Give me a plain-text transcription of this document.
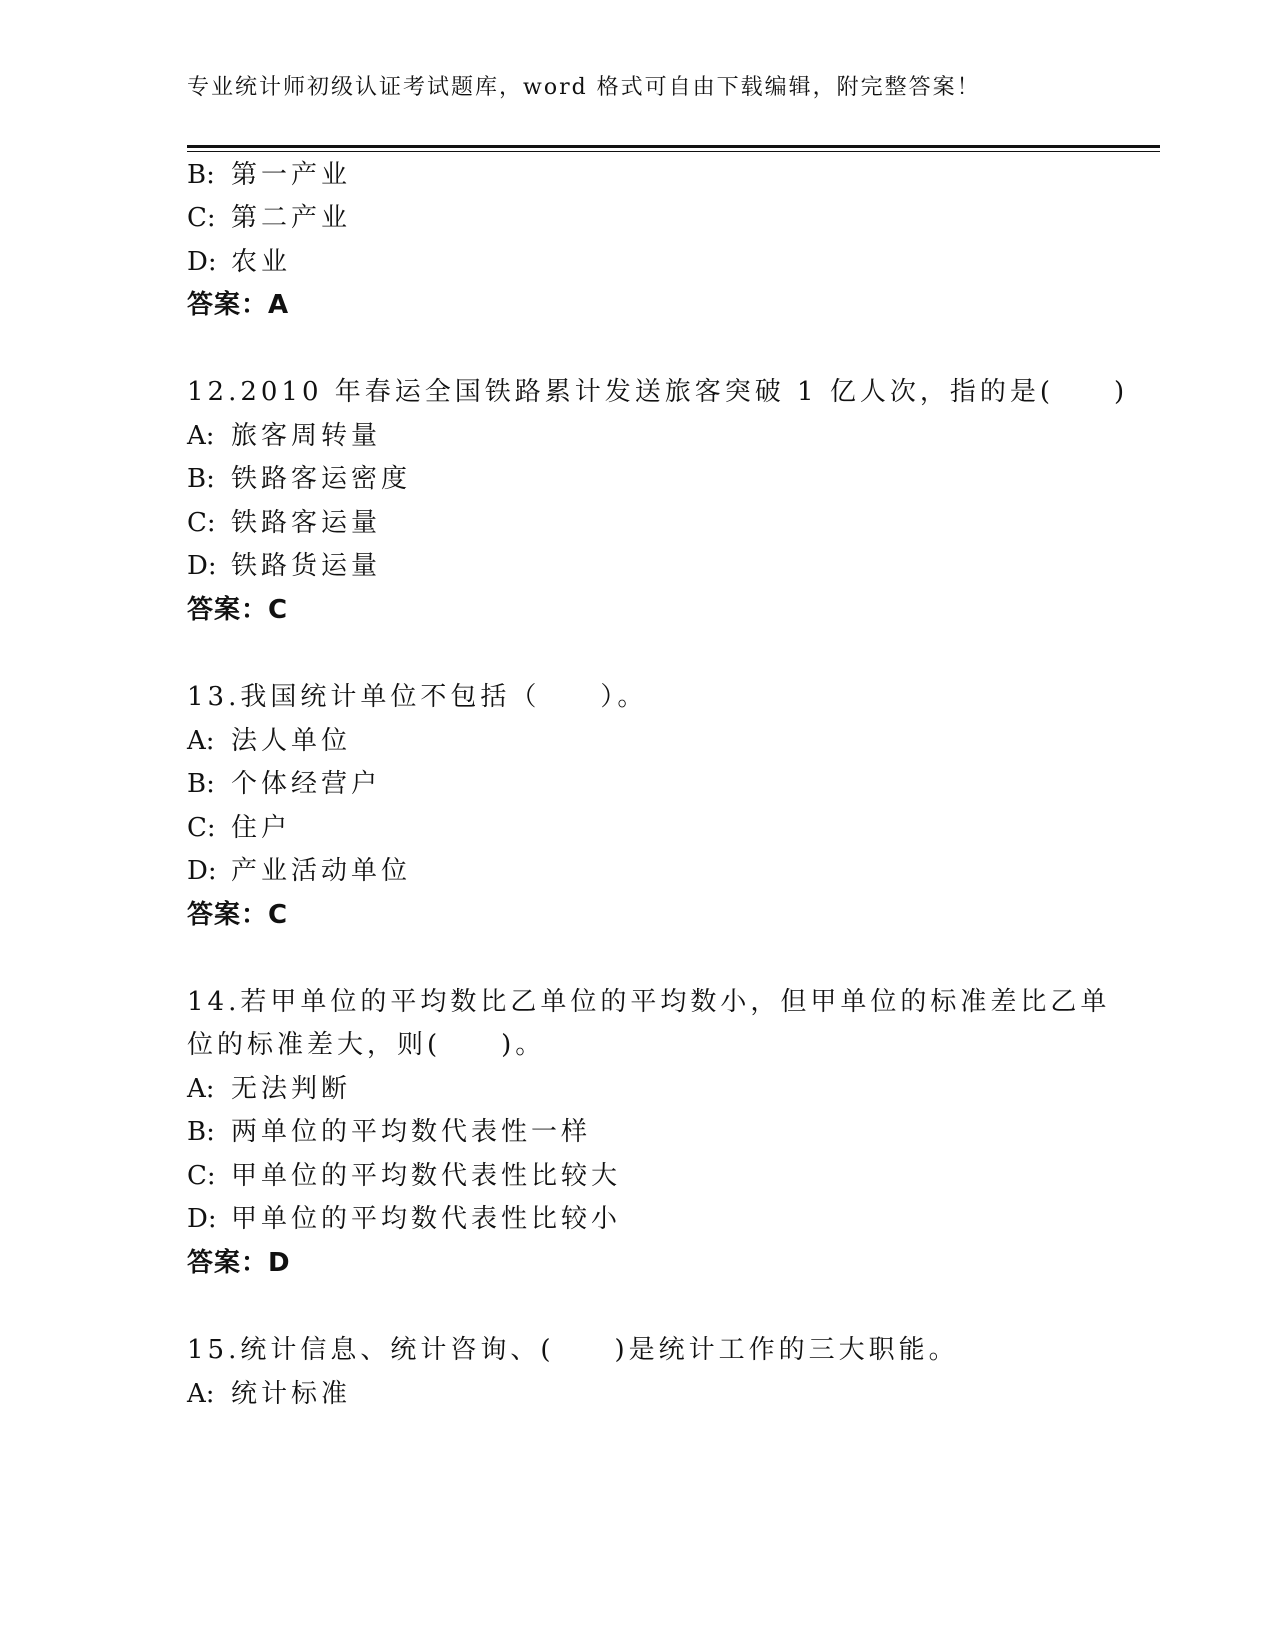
专业统计师初级认证考试题库，word 格式可自由下载编辑，附完整答案！
B: 第一产业
C: 第二产业
D: 农业
答案：A
12.2010 年春运全国铁路累计发送旅客突破 1 亿人次，指的是(　　)
A: 旅客周转量
B: 铁路客运密度
C: 铁路客运量
D: 铁路货运量
答案：C
13.我国统计单位不包括（　　）。
A: 法人单位
B: 个体经营户
C: 住户
D: 产业活动单位
答案：C
14.若甲单位的平均数比乙单位的平均数小，但甲单位的标准差比乙单
位的标准差大，则(　　)。
A: 无法判断
B: 两单位的平均数代表性一样
C: 甲单位的平均数代表性比较大
D: 甲单位的平均数代表性比较小
答案：D
15.统计信息、统计咨询、(　　)是统计工作的三大职能。
A: 统计标准
